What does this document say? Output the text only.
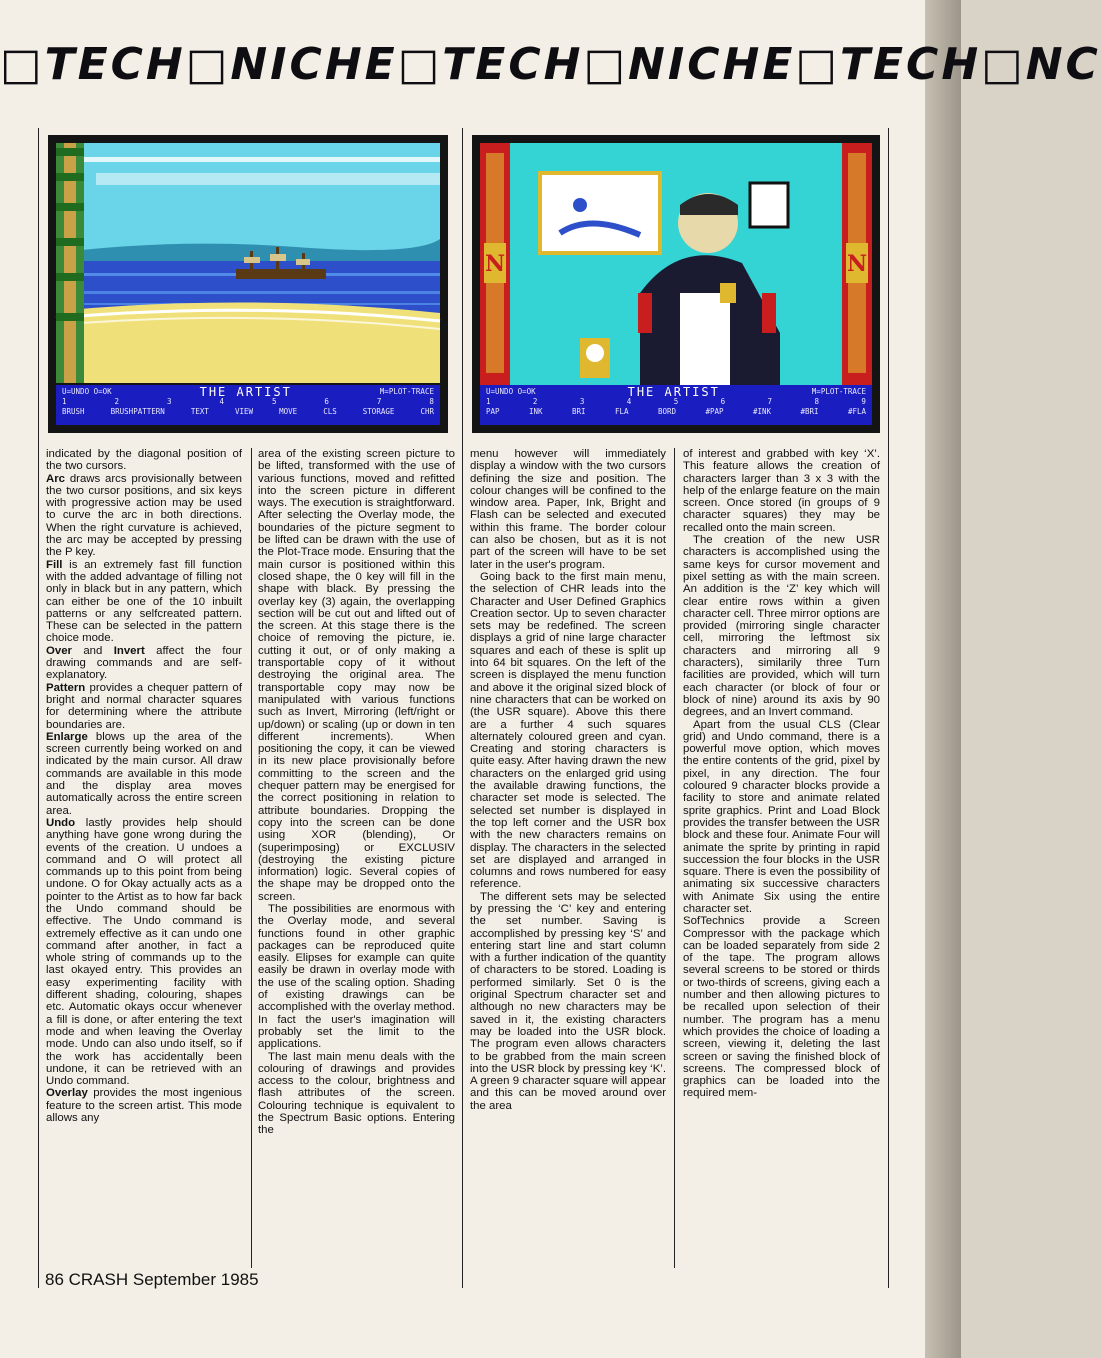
□TECH□NICHE□TECH□NICHE□TECH□NC
U=UNDO O=OK	THE ARTIST	M=PLOT-TRACE
1	2	3	4	5	6	7	8
BRUSH	BRUSHPATTERN	TEXT	VIEW	MOVE	CLS	STORAGE	CHR
N	N
U=UNDO O=OK	THE ARTIST	M=PLOT-TRACE
1	2	3	4	5	6	7	8	9
PAP	INK	BRI	FLA	BORD	#PAP	#INK	#BRI	#FLA

indicated by the diagonal position of the two cursors.

Arc draws arcs provisionally between the two cursor positions, and six keys with progressive action may be used to curve the arc in both directions. When the right curvature is achieved, the arc may be accepted by pressing the P key.

Fill is an extremely fast fill function with the added advantage of filling not only in black but in any pattern, which can either be one of the 10 inbuilt patterns or any selfcreated pattern. These can be selected in the pattern choice mode.

Over and Invert affect the four drawing commands and are self-explanatory.

Pattern provides a chequer pattern of bright and normal character squares for determining where the attribute boundaries are.

Enlarge blows up the area of the screen currently being worked on and indicated by the main cursor. All draw commands are available in this mode and the display area moves automatically across the entire screen area.

Undo lastly provides help should anything have gone wrong during the events of the creation. U undoes a command and O will protect all commands up to this point from being undone. O for Okay actually acts as a pointer to the Artist as to how far back the Undo command should be effective. The Undo command is extremely effective as it can undo one command after another, in fact a whole string of commands up to the last okayed entry. This provides an easy experimenting facility with different shading, colouring, shapes etc. Automatic okays occur whenever a fill is done, or after entering the text mode and when leaving the Overlay mode. Undo can also undo itself, so if the work has accidentally been undone, it can be retrieved with an Undo command.

Overlay provides the most ingenious feature to the screen artist. This mode allows any

area of the existing screen picture to be lifted, transformed with the use of various functions, moved and refitted into the screen picture in different ways. The execution is straightforward. After selecting the Overlay mode, the boundaries of the picture segment to be lifted can be drawn with the use of the Plot-Trace mode. Ensuring that the main cursor is positioned within this closed shape, the 0 key will fill in the shape with black. By pressing the overlay key (3) again, the overlapping section will be cut out and lifted out of the screen. At this stage there is the choice of removing the picture, ie. cutting it out, or of only making a transportable copy of it without destroying the original area. The transportable copy may now be manipulated with various functions such as Invert, Mirroring (left/right or up/down) or scaling (up or down in ten different increments). When positioning the copy, it can be viewed in its new place provisionally before committing to the screen and the chequer pattern may be energised for the correct positioning in relation to attribute boundaries. Dropping the copy into the screen can be done using XOR (blending), Or (superimposing) or EXCLUSIV (destroying the existing picture information) logic. Several copies of the shape may be dropped onto the screen.

The possibilities are enormous with the Overlay mode, and several functions found in other graphic packages can be reproduced quite easily. Elipses for example can quite easily be drawn in overlay mode with the use of the scaling option. Shading of existing drawings can be accomplished with the overlay method. In fact the user's imagination will probably set the limit to the applications.

The last main menu deals with the colouring of drawings and provides access to the colour, brightness and flash attributes of the screen. Colouring technique is equivalent to the Spectrum Basic options. Entering the

menu however will immediately display a window with the two cursors defining the size and position. The colour changes will be confined to the window area. Paper, Ink, Bright and Flash can be selected and executed within this frame. The border colour can also be chosen, but as it is not part of the screen will have to be set later in the user's program.

Going back to the first main menu, the selection of CHR leads into the Character and User Defined Graphics Creation sector. Up to seven character sets may be redefined. The screen displays a grid of nine large character squares and each of these is split up into 64 bit squares. On the left of the screen is displayed the menu function and above it the original sized block of nine characters that can be worked on (the USR square). Above this there are a further 4 such squares alternately coloured green and cyan. Creating and storing characters is quite easy. After having drawn the new characters on the enlarged grid using the available drawing functions, the character set mode is selected. The selected set number is displayed in the top left corner and the USR box with the new characters remains on display. The characters in the selected set are displayed and arranged in columns and rows numbered for easy reference.

The different sets may be selected by pressing the ‘C’ key and entering the set number. Saving is accomplished by pressing key ‘S’ and entering start line and start column with a further indication of the quantity of characters to be stored. Loading is performed similarly. Set 0 is the original Spectrum character set and although no new characters may be saved in it, the existing characters may be loaded into the USR block. The program even allows characters to be grabbed from the main screen into the USR block by pressing key ‘K’. A green 9 character square will appear and this can be moved around over the area

of interest and grabbed with key ‘X’. This feature allows the creation of characters larger than 3 x 3 with the help of the enlarge feature on the main screen. Once stored (in groups of 9 character squares) they may be recalled onto the main screen.

The creation of the new USR characters is accomplished using the same keys for cursor movement and pixel setting as with the main screen. An addition is the ‘Z’ key which will clear entire rows within a given character cell. Three mirror options are provided (mirroring single character cell, mirroring the leftmost six characters and mirroring all 9 characters), similarily three Turn facilities are provided, which will turn each character (or block of four or block of nine) around its axis by 90 degrees, and an Invert command.

Apart from the usual CLS (Clear grid) and Undo command, there is a powerful move option, which moves the entire contents of the grid, pixel by pixel, in any direction. The four coloured 9 character blocks provide a facility to store and animate related sprite graphics. Print and Load Block provides the transfer between the USR block and these four. Animate Four will animate the sprite by printing in rapid succession the four blocks in the USR square. There is even the possibility of animating six successive characters with Animate Six using the entire character set.

SofTechnics provide a Screen Compressor with the package which can be loaded separately from side 2 of the tape. The program allows several screens to be stored or thirds or two-thirds of screens, giving each a number and then allowing pictures to be recalled upon selection of their number. The program has a menu which provides the choice of loading a screen, viewing it, deleting the last screen or saving the finished block of screens. The compressed block of graphics can be loaded into the required mem-

86 CRASH September 1985
